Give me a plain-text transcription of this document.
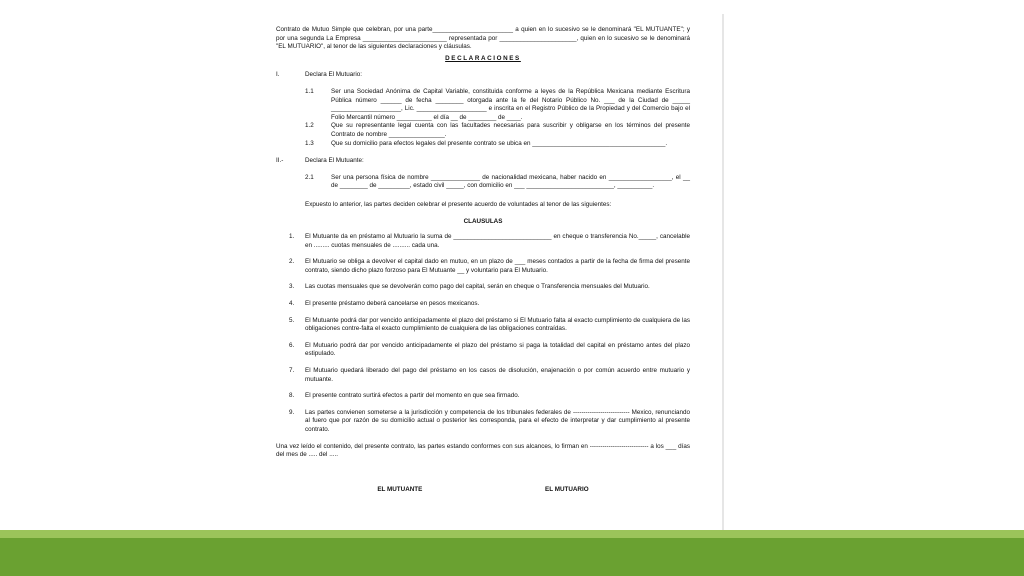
Contrato de Mutuo Simple que celebran, por una parte_______________________ a quien en lo sucesivo se le denominará "EL MUTUANTE"; y por una segunda La Empresa ________________________ representada por ______________________, quien en lo sucesivo se le denominará "EL MUTUARIO", al tenor de las siguientes declaraciones y cláusulas.

DECLARACIONES
I.	Declara El Mutuario:
1.1	Ser una Sociedad Anónima de Capital Variable, constituida conforme a leyes de la República Mexicana mediante Escritura Pública número ______ de fecha ________ otorgada ante la fe del Notario Público No. ___ de la Ciudad de _____ ____________________, Lic. ____________________ e inscrita en el Registro Público de la Propiedad y del Comercio bajo el Folio Mercantil número __________ el día __ de ________ de ____.
1.2	Que su representante legal cuenta con las facultades necesarias para suscribir y obligarse en los términos del presente Contrato de nombre ________________.
1.3	Que su domicilio para efectos legales del presente contrato se ubica en ______________________________________.
II.-	Declara El Mutuante:
2.1	Ser una persona física de nombre ______________ de nacionalidad mexicana, haber nacido en __________________, el __ de ________ de _________, estado civil _____, con domicilio en ___ _________________________, __________.

Expuesto lo anterior, las partes deciden celebrar el presente acuerdo de voluntades al tenor de las siguientes:

CLAUSULAS
1.	El Mutuante da en préstamo al Mutuario la suma de ____________________________ en cheque o transferencia No._____, cancelable en ......... cuotas mensuales de .......... cada una.
2.	El Mutuario se obliga a devolver el capital dado en mutuo, en un plazo de ___ meses contados a partir de la fecha de firma del presente contrato, siendo dicho plazo forzoso para El Mutuante __ y voluntario para El Mutuario.
3.	Las cuotas mensuales que se devolverán como pago del capital, serán en cheque o Transferencia mensuales del Mutuario.
4.	El presente préstamo deberá cancelarse en pesos mexicanos.
5.	El Mutuante podrá dar por vencido anticipadamente el plazo del préstamo si El Mutuario falta al exacto cumplimiento de cualquiera de las obligaciones contre-falta el exacto cumplimiento de cualquiera de las obligaciones contraídas.
6.	El Mutuario podrá dar por vencido anticipadamente el plazo del préstamo si paga la totalidad del capital en préstamo antes del plazo estipulado.
7.	El Mutuario quedará liberado del pago del préstamo en los casos de disolución, enajenación o por común acuerdo entre mutuario y mutuante.
8.	El presente contrato surtirá efectos a partir del momento en que sea firmado.
9.	Las partes convienen someterse a la jurisdicción y competencia de los tribunales federales de --------------------------- Mexico, renunciando al fuero que por razón de su domicilio actual o posterior les corresponda, para el efecto de interpretar y dar cumplimiento al presente contrato.

Una vez leído el contenido, del presente contrato, las partes estando conformes con sus alcances, lo firman en ---------------------------- a los ___ días del mes de ..... del .....

EL MUTUANTE	EL MUTUARIO
